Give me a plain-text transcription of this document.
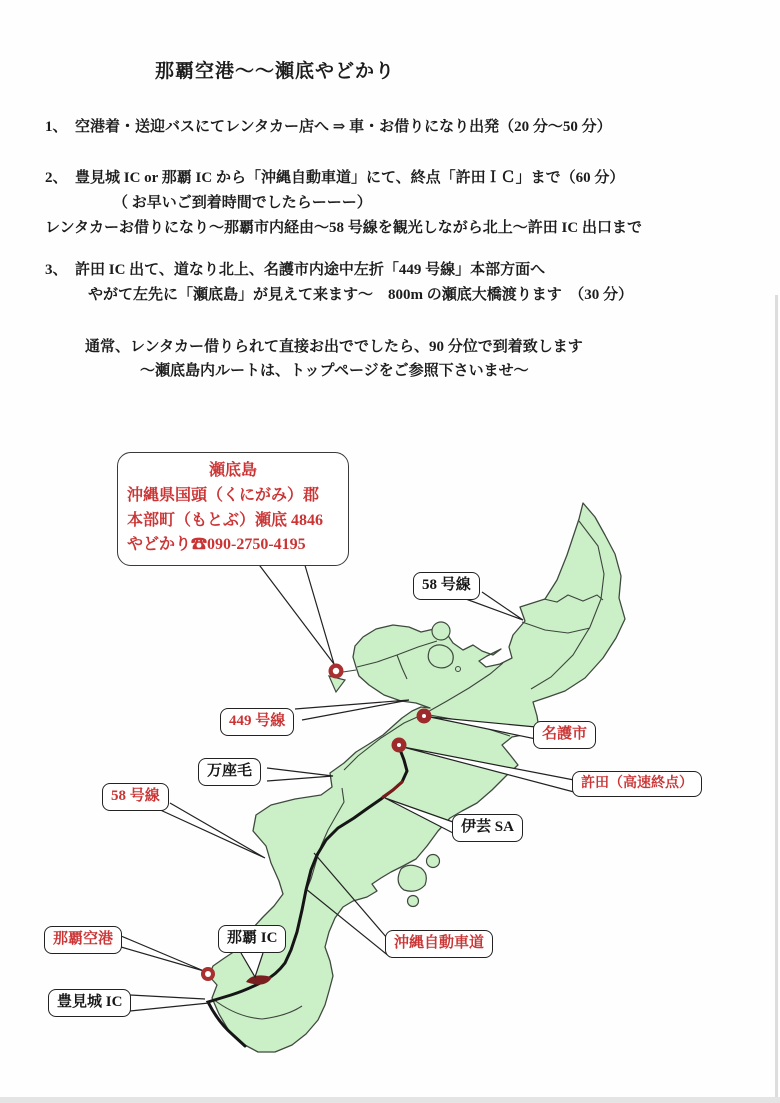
那覇空港～～瀬底やどかり
1、　空港着・送迎バスにてレンタカー店へ ⇒ 車・お借りになり出発（20 分～50 分）
2、　豊見城 IC or 那覇 IC から「沖縄自動車道」にて、終点「許田ＩＣ」まで（60 分）
（ お早いご到着時間でしたらーーー）
レンタカーお借りになり～那覇市内経由～58 号線を観光しながら北上～許田 IC 出口まで
3、　許田 IC 出て、道なり北上、名護市内途中左折「449 号線」本部方面へ
やがて左先に「瀬底島」が見えて来ます～　800m の瀬底大橋渡ります　（30 分）
通常、レンタカー借りられて直接お出ででしたら、90 分位で到着致します
～瀬底島内ルートは、トップページをご参照下さいませ～
瀬底島
沖縄県国頭（くにがみ）郡
本部町（もとぶ）瀬底 4846
やどかり☎090-2750-4195
58 号線
449 号線
名護市
万座毛
許田（高速終点）
58 号線
伊芸 SA
那覇 IC	沖縄自動車道
那覇空港
豊見城 IC
